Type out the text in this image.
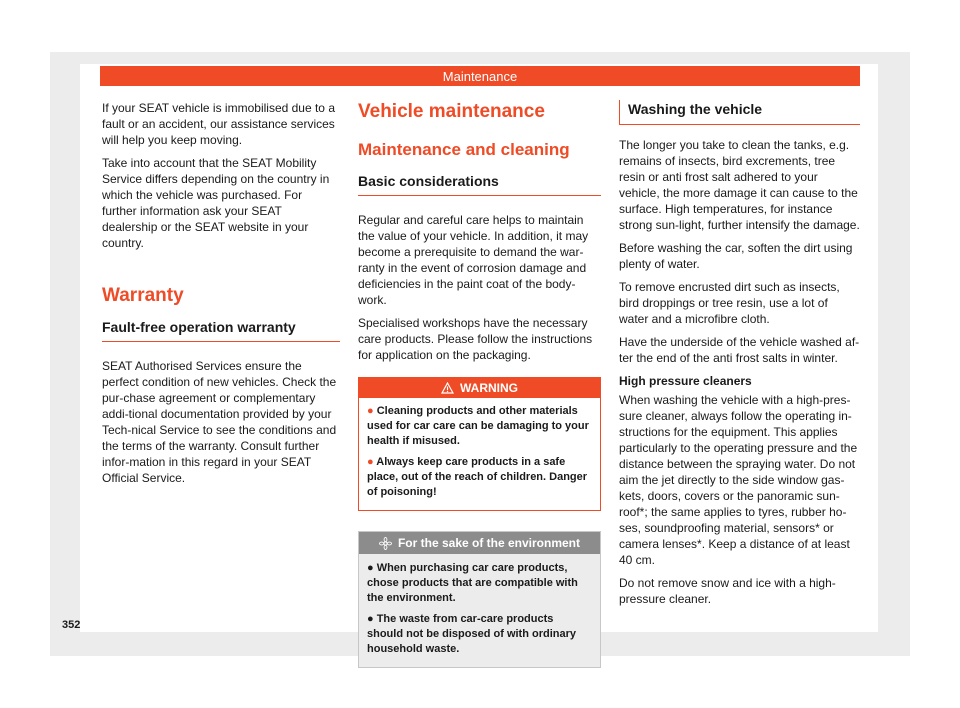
Maintenance

If your SEAT vehicle is immobilised due to a fault or an accident, our assistance services will help you keep moving.

Take into account that the SEAT Mobility Service differs depending on the country in which the vehicle was purchased. For further information ask your SEAT dealership or the SEAT website in your country.

Warranty
Fault-free operation warranty

SEAT Authorised Services ensure the perfect condition of new vehicles. Check the pur-chase agreement or complementary addi-tional documentation provided by your Tech-nical Service to see the conditions and the terms of the warranty. Consult further infor-mation in this regard in your SEAT Official Service.

Vehicle maintenance
Maintenance and cleaning
Basic considerations

Regular and careful care helps to maintain the value of your vehicle. In addition, it may become a prerequisite to demand the war-ranty in the event of corrosion damage and deficiencies in the paint coat of the body-work.

Specialised workshops have the necessary care products. Please follow the instructions for application on the packaging.

WARNING
● Cleaning products and other materials used for car care can be damaging to your health if misused.
● Always keep care products in a safe place, out of the reach of children. Danger of poisoning!
For the sake of the environment
● When purchasing car care products, chose products that are compatible with the environment.
● The waste from car-care products should not be disposed of with ordinary household waste.
Washing the vehicle

The longer you take to clean the tanks, e.g. remains of insects, bird excrements, tree resin or anti frost salt adhered to your vehicle, the more damage it can cause to the surface. High temperatures, for instance strong sun-light, further intensify the damage.

Before washing the car, soften the dirt using plenty of water.

To remove encrusted dirt such as insects, bird droppings or tree resin, use a lot of water and a microfibre cloth.

Have the underside of the vehicle washed af-ter the end of the anti frost salts in winter.

High pressure cleaners

When washing the vehicle with a high-pres-sure cleaner, always follow the operating in-structions for the equipment. This applies particularly to the operating pressure and the distance between the spraying water. Do not aim the jet directly to the side window gas-kets, doors, covers or the panoramic sun-roof*; the same applies to tyres, rubber ho-ses, soundproofing material, sensors* or camera lenses*. Keep a distance of at least 40 cm.

Do not remove snow and ice with a high-pressure cleaner.

352
